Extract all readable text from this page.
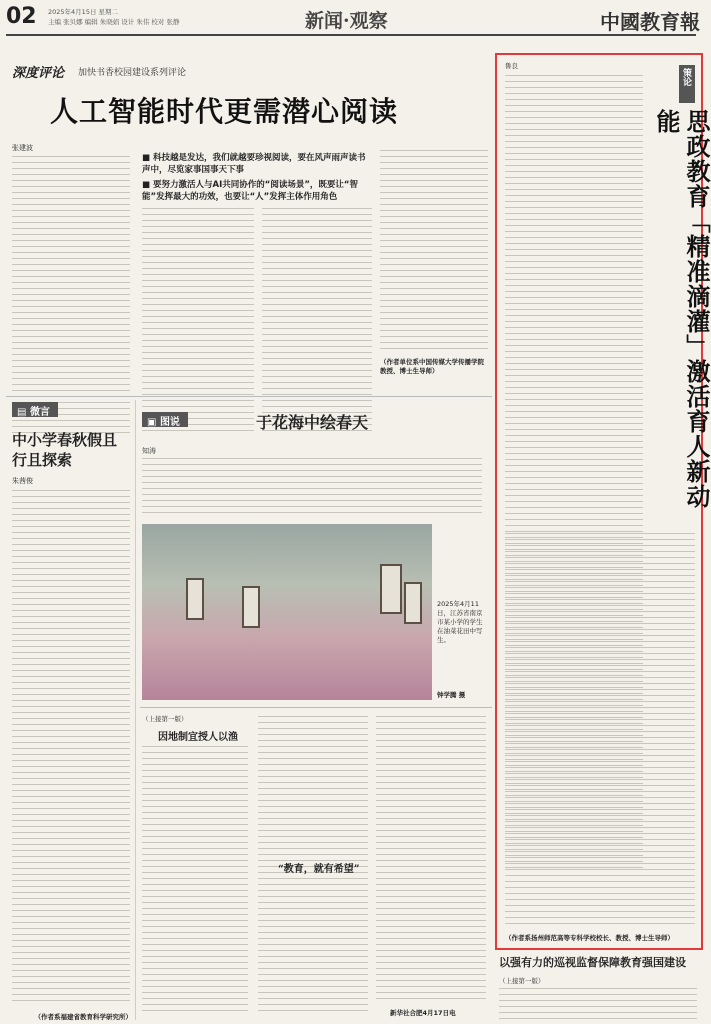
02 2025年4月15日 星期二
主编 张贝娜 编辑 朱晓娟 设计 朱伟 校对 张静	新闻·观察	中國教育報
深度评论 加快书香校园建设系列评论
人工智能时代更需潜心阅读
张建波
■ 科技越是发达，我们就越要珍视阅读，要在风声雨声读书声中，尽览家事国事天下事
■ 要努力激活人与AI共同协作的“阅读场景”，既要让“智能”发挥最大的功效，也要让“人”发挥主体作用角色
（作者单位系中国传媒大学传播学院教授、博士生导师）
鲁良
策论
思政教育「精准滴灌」激活育人新动能
（作者系扬州师范高等专科学校校长、教授、博士生导师）
▤ 微言
中小学春秋假且行且探索
朱茜俊
（作者系福建省教育科学研究所）
▣ 图说	于花海中绘春天
知涛
2025年4月11日，江苏省南京市某小学的学生在油菜花田中写生。
钟学腾 摄
（上接第一版）
因地制宜授人以渔
“教育，就有希望”
新华社合肥4月17日电
以强有力的巡视监督保障教育强国建设
（上接第一版）
